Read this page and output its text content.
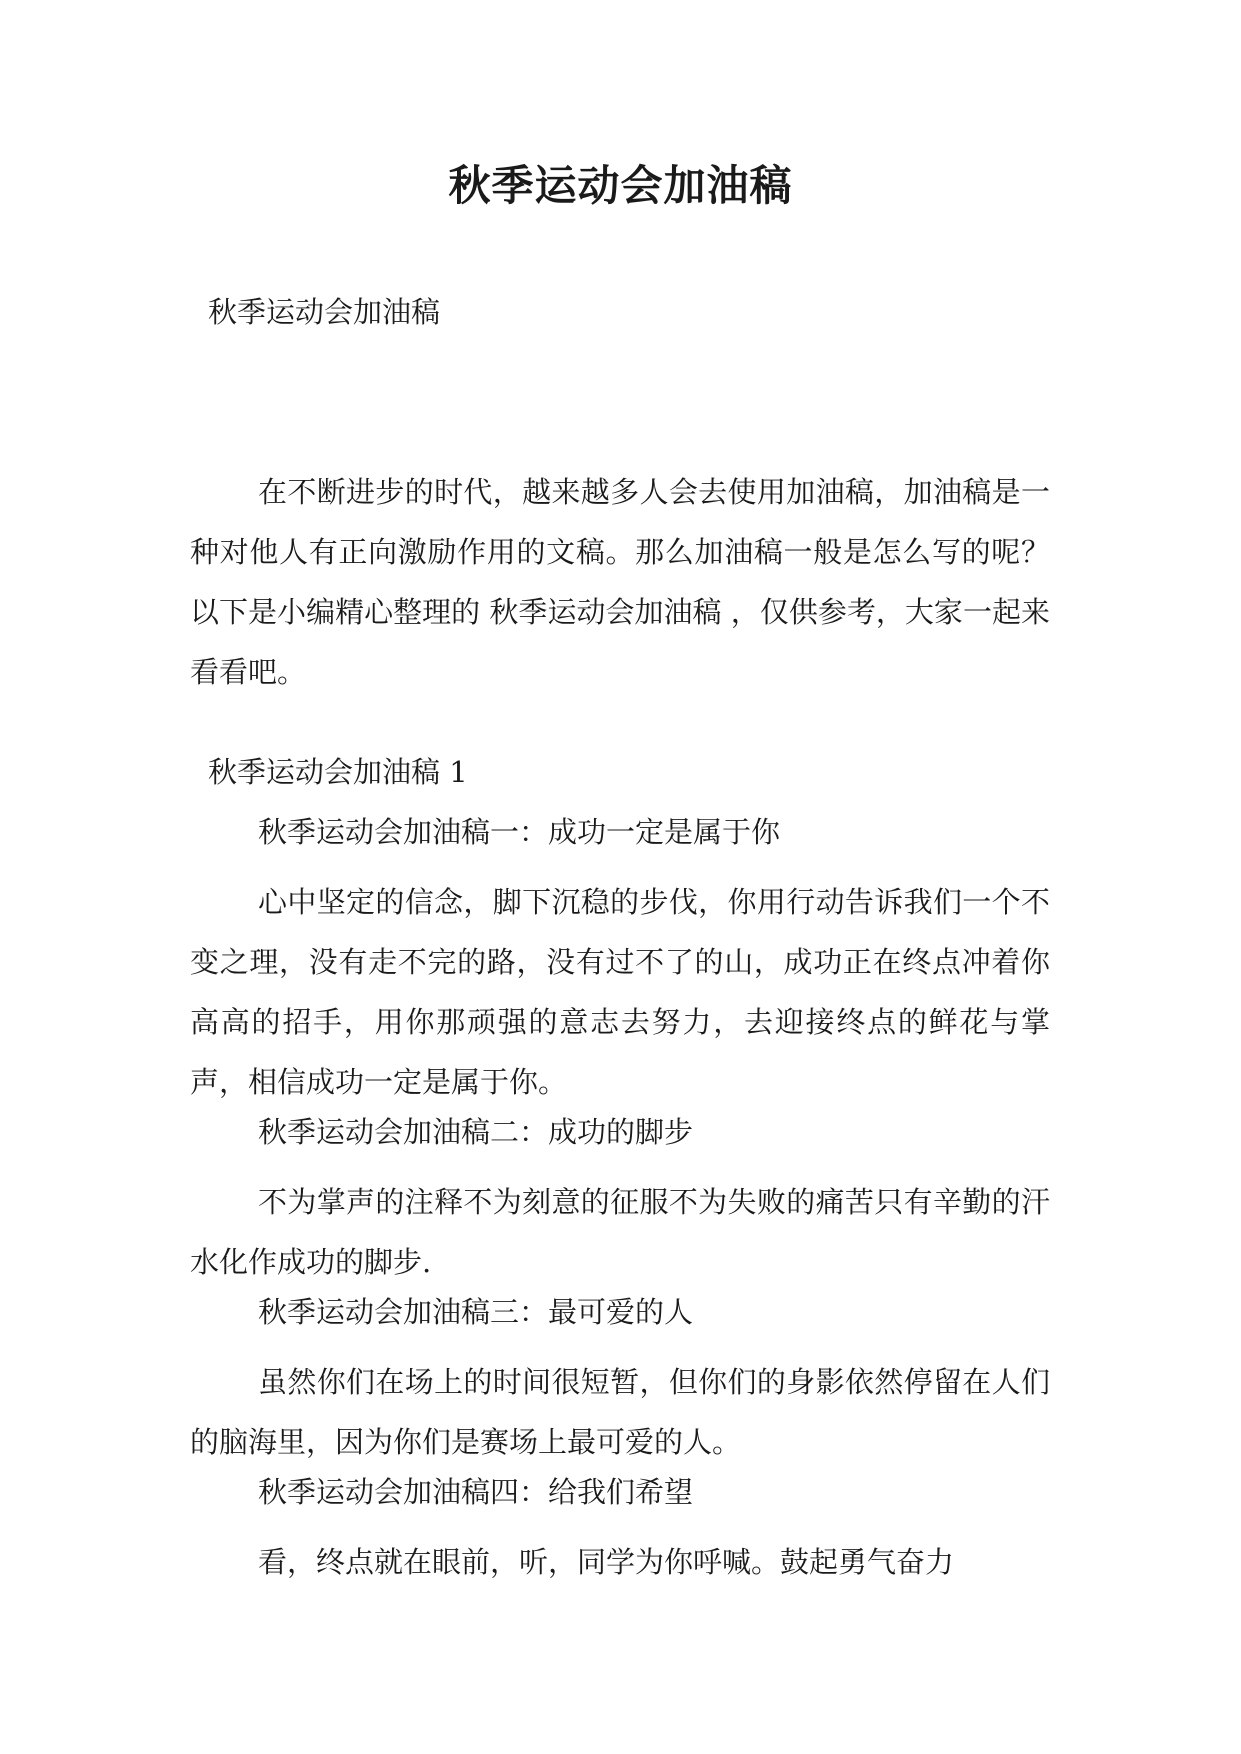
秋季运动会加油稿
秋季运动会加油稿
在不断进步的时代，越来越多人会去使用加油稿，加油稿是一种对他人有正向激励作用的文稿。那么加油稿一般是怎么写的呢？以下是小编精心整理的 秋季运动会加油稿 ，仅供参考，大家一起来看看吧。
秋季运动会加油稿 1
秋季运动会加油稿一：成功一定是属于你
心中坚定的信念，脚下沉稳的步伐，你用行动告诉我们一个不变之理，没有走不完的路，没有过不了的山，成功正在终点冲着你高高的招手，用你那顽强的意志去努力，去迎接终点的鲜花与掌声，相信成功一定是属于你。
秋季运动会加油稿二：成功的脚步
不为掌声的注释不为刻意的征服不为失败的痛苦只有辛勤的汗水化作成功的脚步.
秋季运动会加油稿三：最可爱的人
虽然你们在场上的时间很短暂，但你们的身影依然停留在人们的脑海里，因为你们是赛场上最可爱的人。
秋季运动会加油稿四：给我们希望
看，终点就在眼前，听，同学为你呼喊。鼓起勇气奋力
